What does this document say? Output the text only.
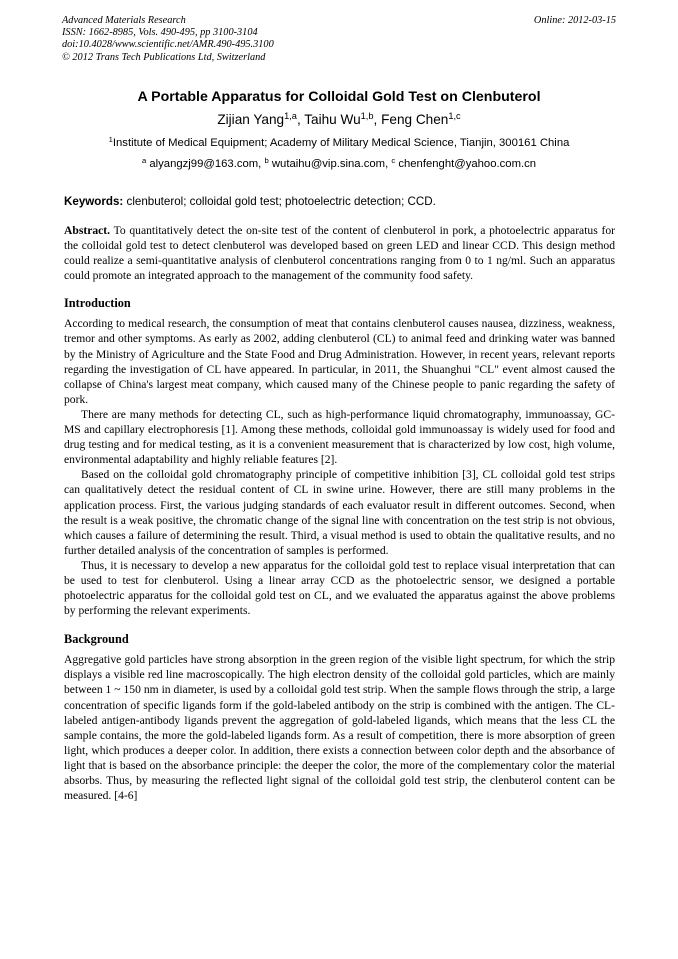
Advanced Materials Research
ISSN: 1662-8985, Vols. 490-495, pp 3100-3104
doi:10.4028/www.scientific.net/AMR.490-495.3100
© 2012 Trans Tech Publications Ltd, Switzerland
Online: 2012-03-15
A Portable Apparatus for Colloidal Gold Test on Clenbuterol
Zijian Yang$^{1,a}$, Taihu Wu$^{1,b}$, Feng Chen$^{1,c}$
$^1$Institute of Medical Equipment; Academy of Military Medical Science, Tianjin, 300161 China
$^a$ alyangzj99@163.com, $^b$ wutaihu@vip.sina.com, $^c$ chenfenght@yahoo.com.cn
Keywords: clenbuterol; colloidal gold test; photoelectric detection; CCD.

Abstract. To quantitatively detect the on-site test of the content of clenbuterol in pork, a photoelectric apparatus for the colloidal gold test to detect clenbuterol was developed based on green LED and linear CCD. This design method could realize a semi-quantitative analysis of clenbuterol concentrations ranging from 0 to 1 ng/ml. Such an apparatus could promote an integrated approach to the management of the community food safety.

Introduction

According to medical research, the consumption of meat that contains clenbuterol causes nausea, dizziness, weakness, tremor and other symptoms. As early as 2002, adding clenbuterol (CL) to animal feed and drinking water was banned by the Ministry of Agriculture and the State Food and Drug Administration. However, in recent years, relevant reports regarding the investigation of CL have appeared. In particular, in 2011, the Shuanghui "CL" event almost caused the collapse of China's largest meat company, which caused many of the Chinese people to panic regarding the safety of pork.

There are many methods for detecting CL, such as high-performance liquid chromatography, immunoassay, GC-MS and capillary electrophoresis [1]. Among these methods, colloidal gold immunoassay is widely used for food and drug testing and for medical testing, as it is a convenient measurement that is characterized by low cost, high volume, environmental adaptability and highly reliable features [2].

Based on the colloidal gold chromatography principle of competitive inhibition [3], CL colloidal gold test strips can qualitatively detect the residual content of CL in swine urine. However, there are still many problems in the application process. First, the various judging standards of each evaluator result in different outcomes. Second, when the result is a weak positive, the chromatic change of the signal line with concentration on the test strip is not obvious, which causes a failure of determining the result. Third, a visual method is used to obtain the qualitative results, and no further detailed analysis of the concentration of samples is performed.

Thus, it is necessary to develop a new apparatus for the colloidal gold test to replace visual interpretation that can be used to test for clenbuterol. Using a linear array CCD as the photoelectric sensor, we designed a portable photoelectric apparatus for the colloidal gold test on CL, and we evaluated the apparatus against the above problems by performing the relevant experiments.

Background

Aggregative gold particles have strong absorption in the green region of the visible light spectrum, for which the strip displays a visible red line macroscopically. The high electron density of the colloidal gold particles, which are mainly between 1 ~ 150 nm in diameter, is used by a colloidal gold test strip. When the sample flows through the strip, a large concentration of specific ligands form if the gold-labeled antibody on the strip is combined with the antigen. The CL-labeled antigen-antibody ligands prevent the aggregation of gold-labeled ligands, which means that the less CL the sample contains, the more the gold-labeled ligands form. As a result of competition, there is more absorption of green light, which produces a deeper color. In addition, there exists a connection between color depth and the absorbance of light that is based on the absorbance principle: the deeper the color, the more of the complementary color the material absorbs. Thus, by measuring the reflected light signal of the colloidal gold test strip, the clenbuterol content can be measured. [4-6]
